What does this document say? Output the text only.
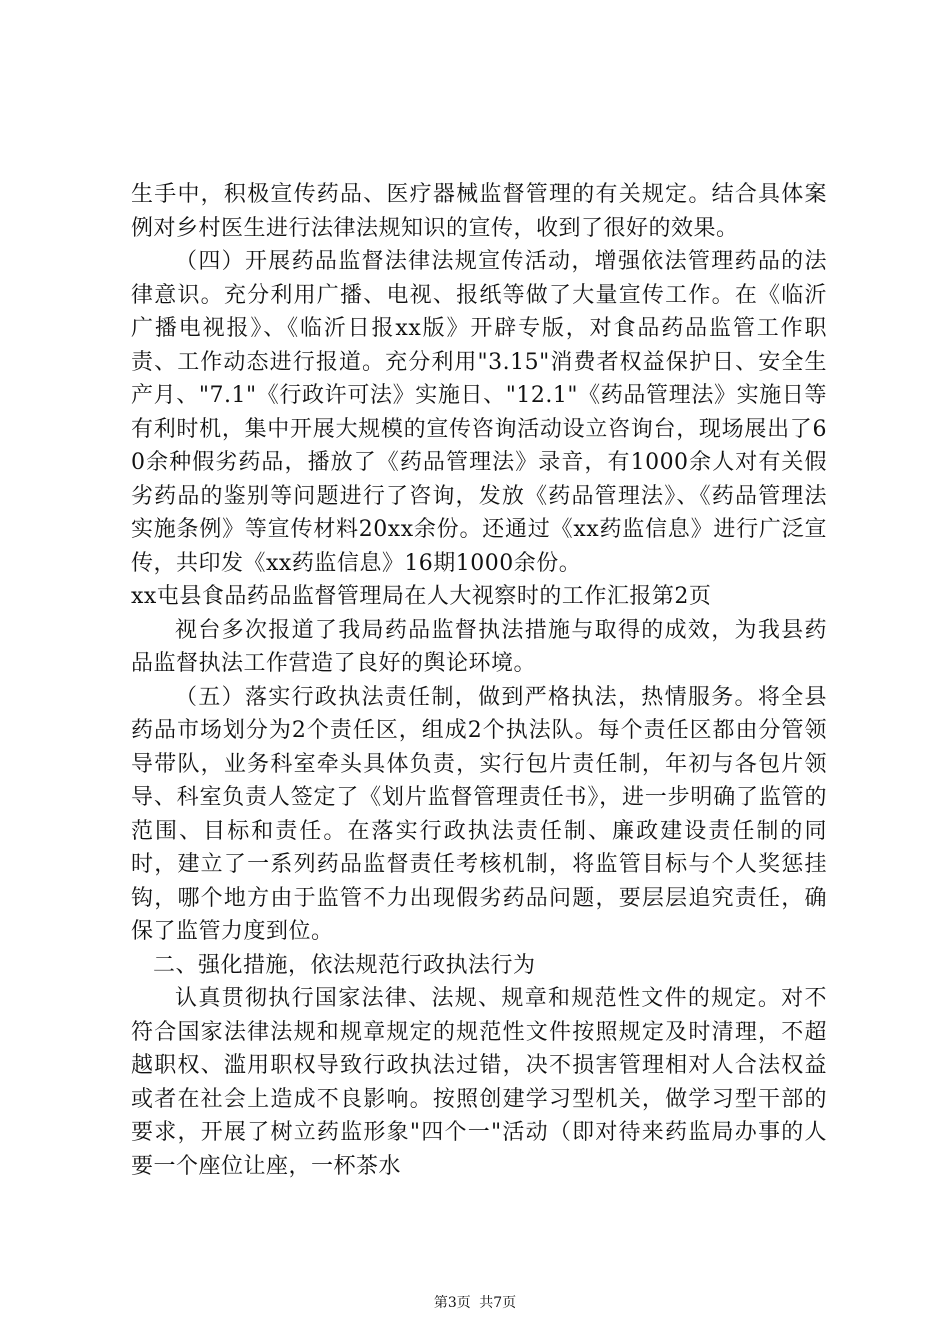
生手中，积极宣传药品、医疗器械监督管理的有关规定。结合具体案例对乡村医生进行法律法规知识的宣传，收到了很好的效果。

（四）开展药品监督法律法规宣传活动，增强依法管理药品的法律意识。充分利用广播、电视、报纸等做了大量宣传工作。在《临沂广播电视报》、《临沂日报xx版》开辟专版，对食品药品监管工作职责、工作动态进行报道。充分利用"3.15"消费者权益保护日、安全生产月、"7.1"《行政许可法》实施日、"12.1"《药品管理法》实施日等有利时机，集中开展大规模的宣传咨询活动设立咨询台，现场展出了60余种假劣药品，播放了《药品管理法》录音，有1000余人对有关假劣药品的鉴别等问题进行了咨询，发放《药品管理法》、《药品管理法实施条例》等宣传材料20xx余份。还通过《xx药监信息》进行广泛宣传，共印发《xx药监信息》16期1000余份。

xx屯县食品药品监督管理局在人大视察时的工作汇报第2页

视台多次报道了我局药品监督执法措施与取得的成效，为我县药品监督执法工作营造了良好的舆论环境。

（五）落实行政执法责任制，做到严格执法，热情服务。将全县药品市场划分为2个责任区，组成2个执法队。每个责任区都由分管领导带队，业务科室牵头具体负责，实行包片责任制，年初与各包片领导、科室负责人签定了《划片监督管理责任书》，进一步明确了监管的范围、目标和责任。在落实行政执法责任制、廉政建设责任制的同时，建立了一系列药品监督责任考核机制，将监管目标与个人奖惩挂钩，哪个地方由于监管不力出现假劣药品问题，要层层追究责任，确保了监管力度到位。

二、强化措施，依法规范行政执法行为

认真贯彻执行国家法律、法规、规章和规范性文件的规定。对不符合国家法律法规和规章规定的规范性文件按照规定及时清理，不超越职权、滥用职权导致行政执法过错，决不损害管理相对人合法权益或者在社会上造成不良影响。按照创建学习型机关，做学习型干部的要求，开展了树立药监形象"四个一"活动（即对待来药监局办事的人要一个座位让座，一杯茶水

第3页 共7页
